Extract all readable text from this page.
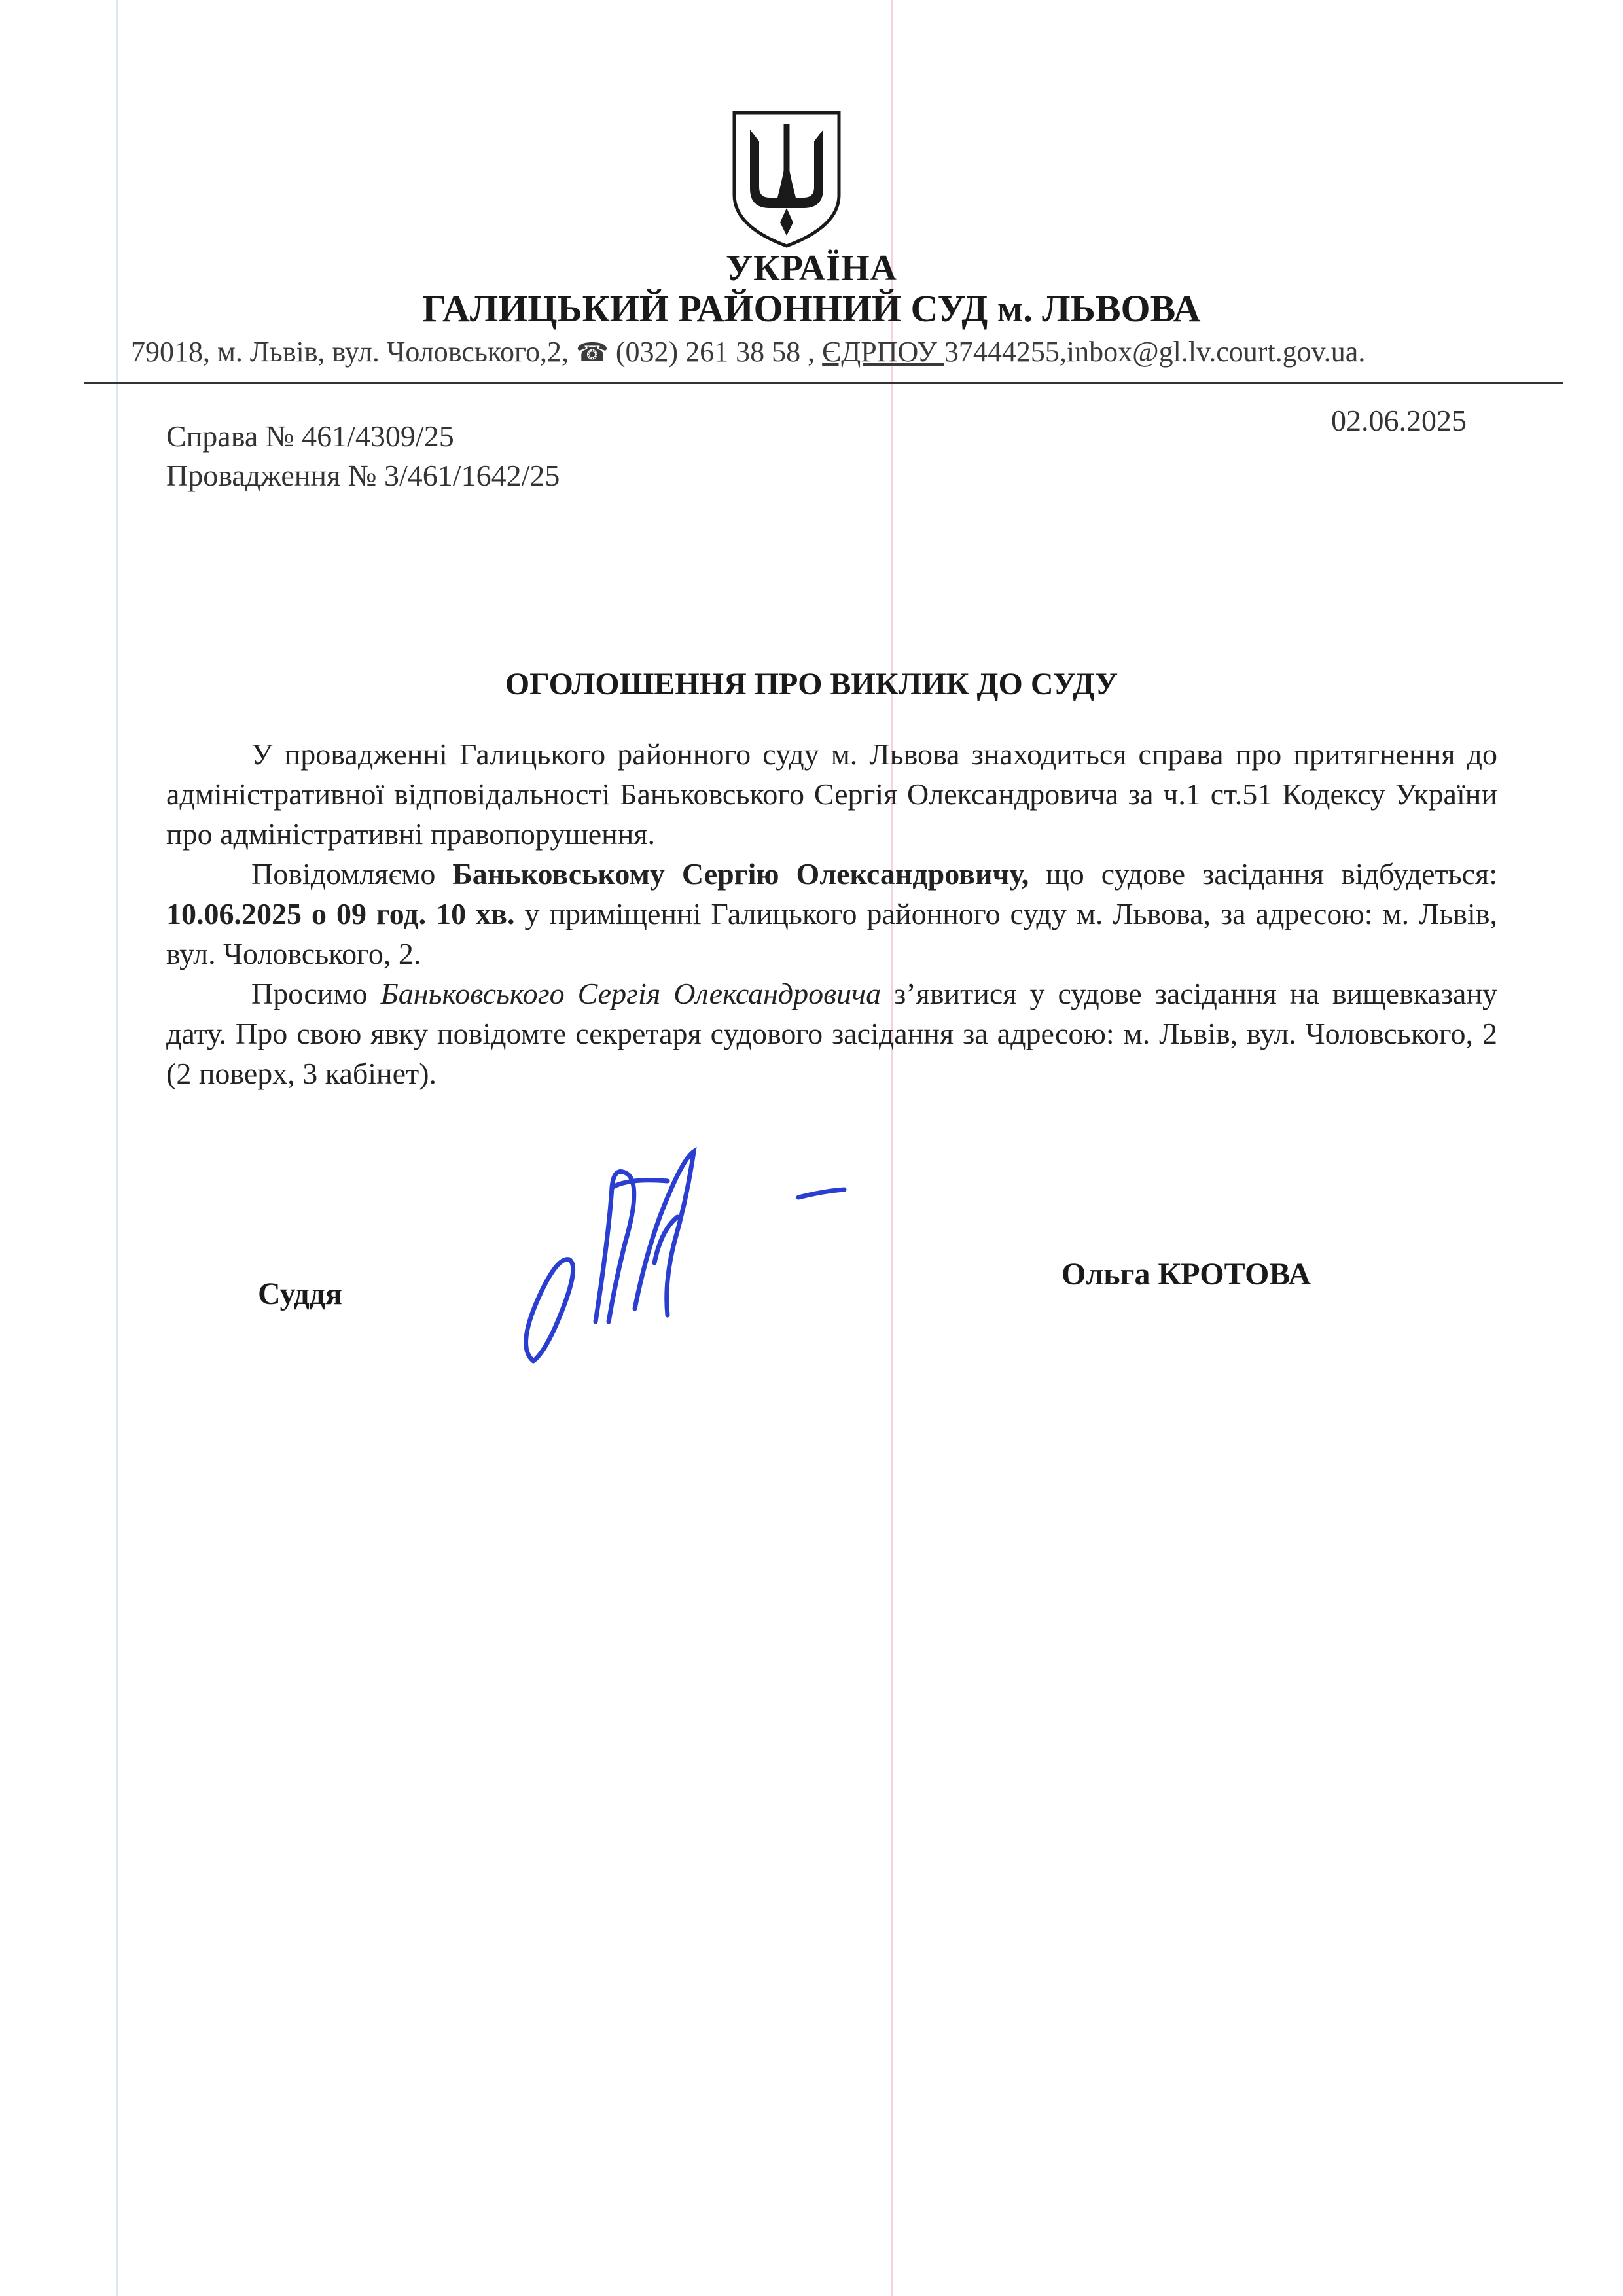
УКРАЇНА
ГАЛИЦЬКИЙ РАЙОННИЙ СУД м. ЛЬВОВА
79018, м. Львів, вул. Чоловського,2, ☎ (032) 261 38 58 , ЄДРПОУ 37444255,inbox@gl.lv.court.gov.ua.
Справа № 461/4309/25
Провадження № 3/461/1642/25
02.06.2025
ОГОЛОШЕННЯ ПРО ВИКЛИК ДО СУДУ

У провадженні Галицького районного суду м. Львова знаходиться справа про притягнення до адміністративної відповідальності Баньковського Сергія Олександровича за ч.1 ст.51 Кодексу України про адміністративні правопорушення.

Повідомляємо Баньковському Сергію Олександровичу, що судове засідання відбудеться: 10.06.2025 о 09 год. 10 хв. у приміщенні Галицького районного суду м. Львова, за адресою: м. Львів, вул. Чоловського, 2.

Просимо Баньковського Сергія Олександровича з’явитися у судове засідання на вищевказану дату. Про свою явку повідомте секретаря судового засідання за адресою: м. Львів, вул. Чоловського, 2 (2 поверх, 3 кабінет).

Суддя
Ольга КРОТОВА
